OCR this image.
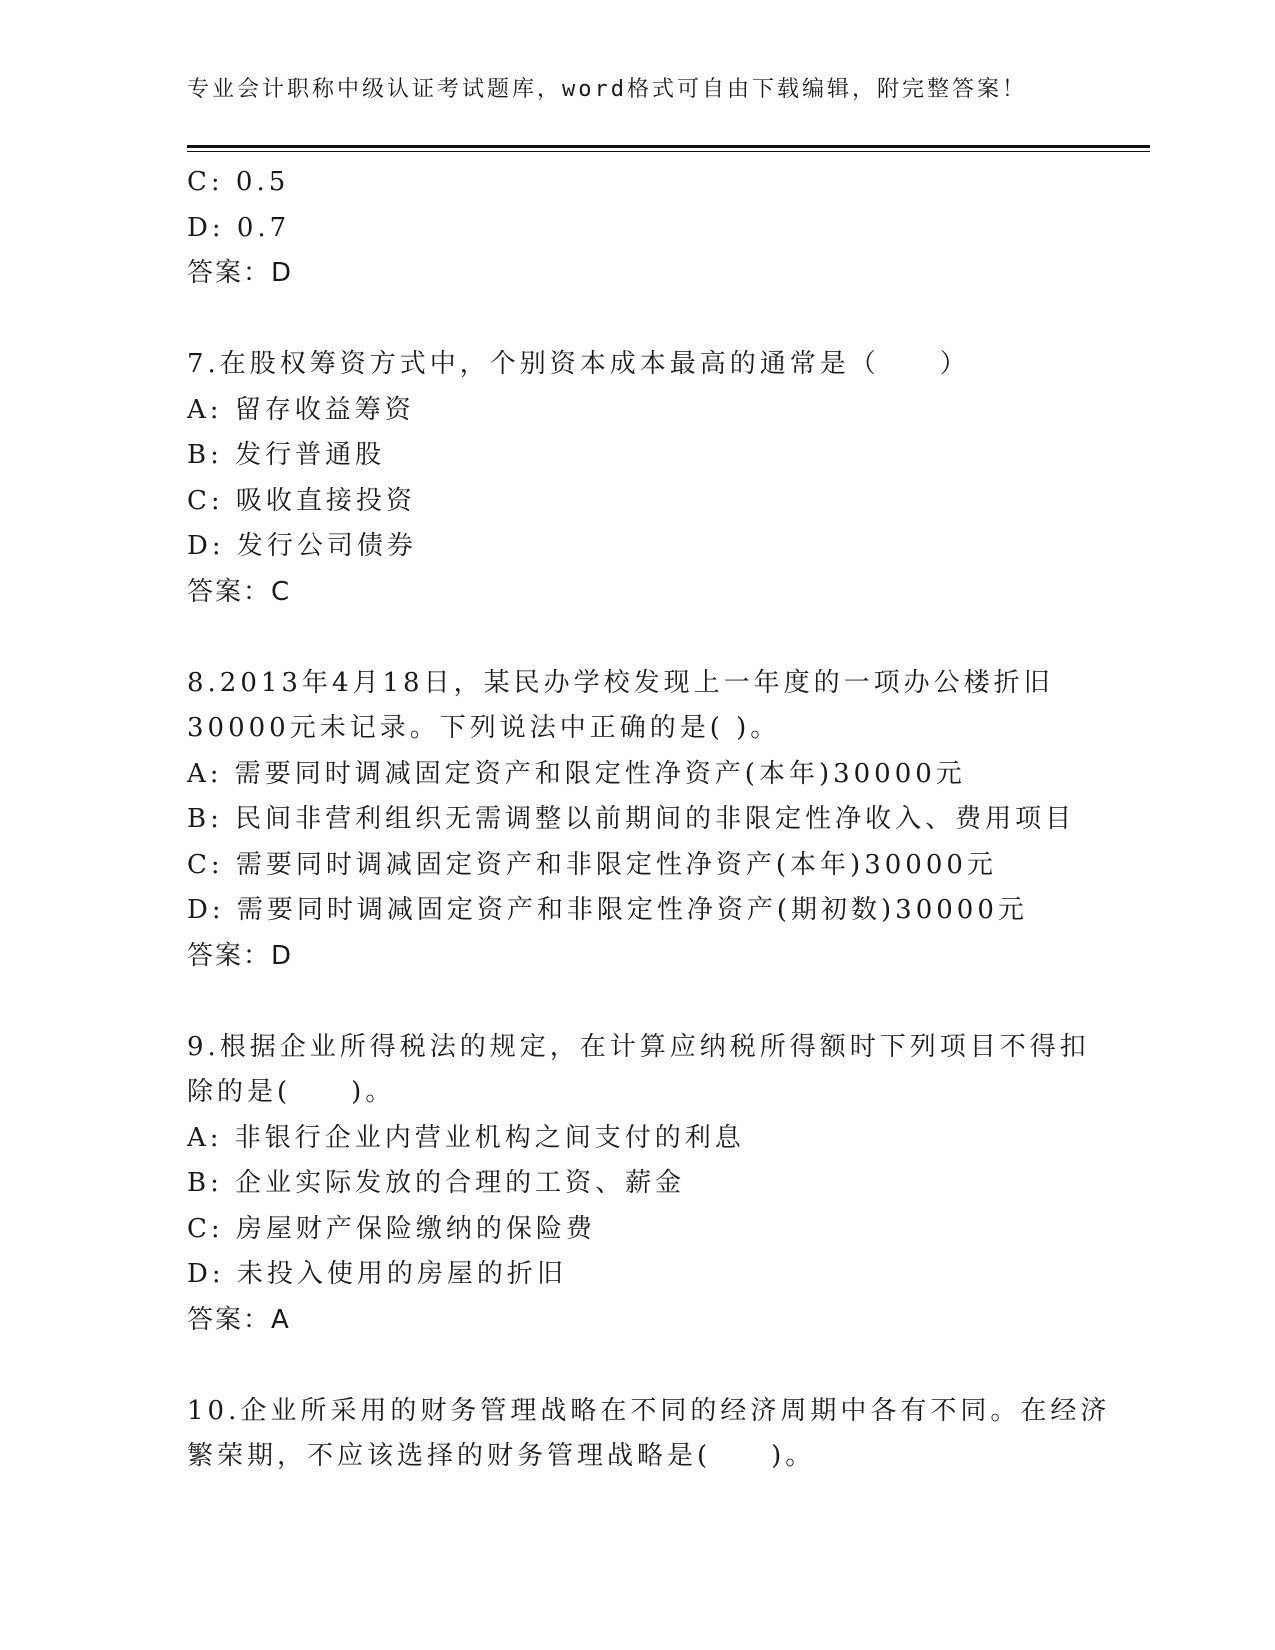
专业会计职称中级认证考试题库，word格式可自由下载编辑，附完整答案！
C: 0.5
D: 0.7
答案：D
7.在股权筹资方式中，个别资本成本最高的通常是（　　）
A: 留存收益筹资
B: 发行普通股
C: 吸收直接投资
D: 发行公司债券
答案：C
8.2013年4月18日，某民办学校发现上一年度的一项办公楼折旧
30000元未记录。下列说法中正确的是( )。
A: 需要同时调减固定资产和限定性净资产(本年)30000元
B: 民间非营利组织无需调整以前期间的非限定性净收入、费用项目
C: 需要同时调减固定资产和非限定性净资产(本年)30000元
D: 需要同时调减固定资产和非限定性净资产(期初数)30000元
答案：D
9.根据企业所得税法的规定，在计算应纳税所得额时下列项目不得扣
除的是(　　)。
A: 非银行企业内营业机构之间支付的利息
B: 企业实际发放的合理的工资、薪金
C: 房屋财产保险缴纳的保险费
D: 未投入使用的房屋的折旧
答案：A
10.企业所采用的财务管理战略在不同的经济周期中各有不同。在经济
繁荣期，不应该选择的财务管理战略是(　　)。
